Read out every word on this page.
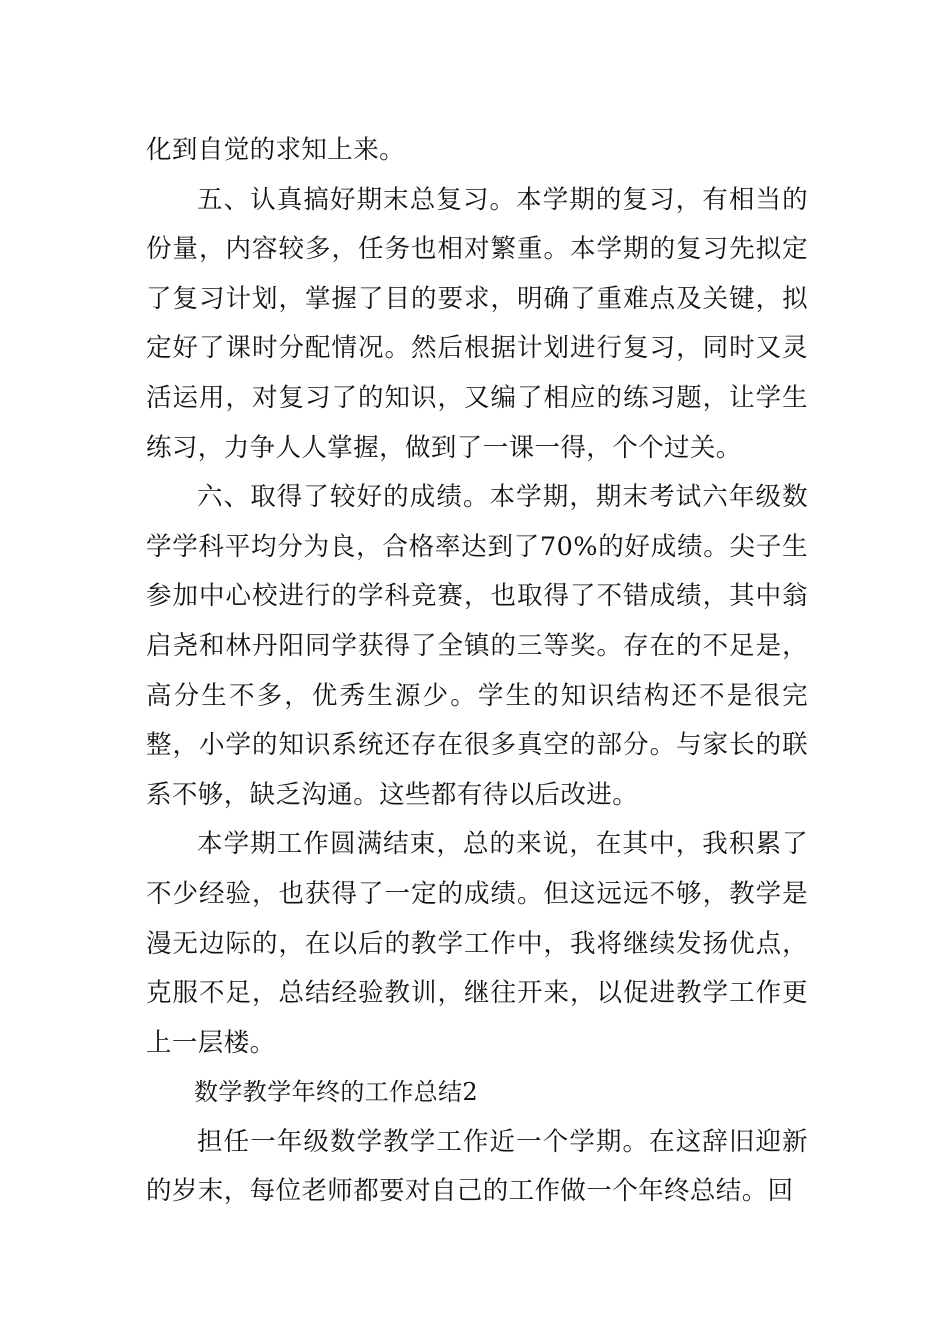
化到自觉的求知上来。

五、认真搞好期末总复习。本学期的复习，有相当的份量，内容较多，任务也相对繁重。本学期的复习先拟定了复习计划，掌握了目的要求，明确了重难点及关键，拟定好了课时分配情况。然后根据计划进行复习，同时又灵活运用，对复习了的知识，又编了相应的练习题，让学生练习，力争人人掌握，做到了一课一得，个个过关。

六、取得了较好的成绩。本学期，期末考试六年级数学学科平均分为良，合格率达到了70%的好成绩。尖子生参加中心校进行的学科竞赛，也取得了不错成绩，其中翁启尧和林丹阳同学获得了全镇的三等奖。存在的不足是，高分生不多，优秀生源少。学生的知识结构还不是很完整，小学的知识系统还存在很多真空的部分。与家长的联系不够，缺乏沟通。这些都有待以后改进。

本学期工作圆满结束，总的来说，在其中，我积累了不少经验，也获得了一定的成绩。但这远远不够，教学是漫无边际的，在以后的教学工作中，我将继续发扬优点，克服不足，总结经验教训，继往开来，以促进教学工作更上一层楼。

数学教学年终的工作总结2

担任一年级数学教学工作近一个学期。在这辞旧迎新的岁末，每位老师都要对自己的工作做一个年终总结。回
